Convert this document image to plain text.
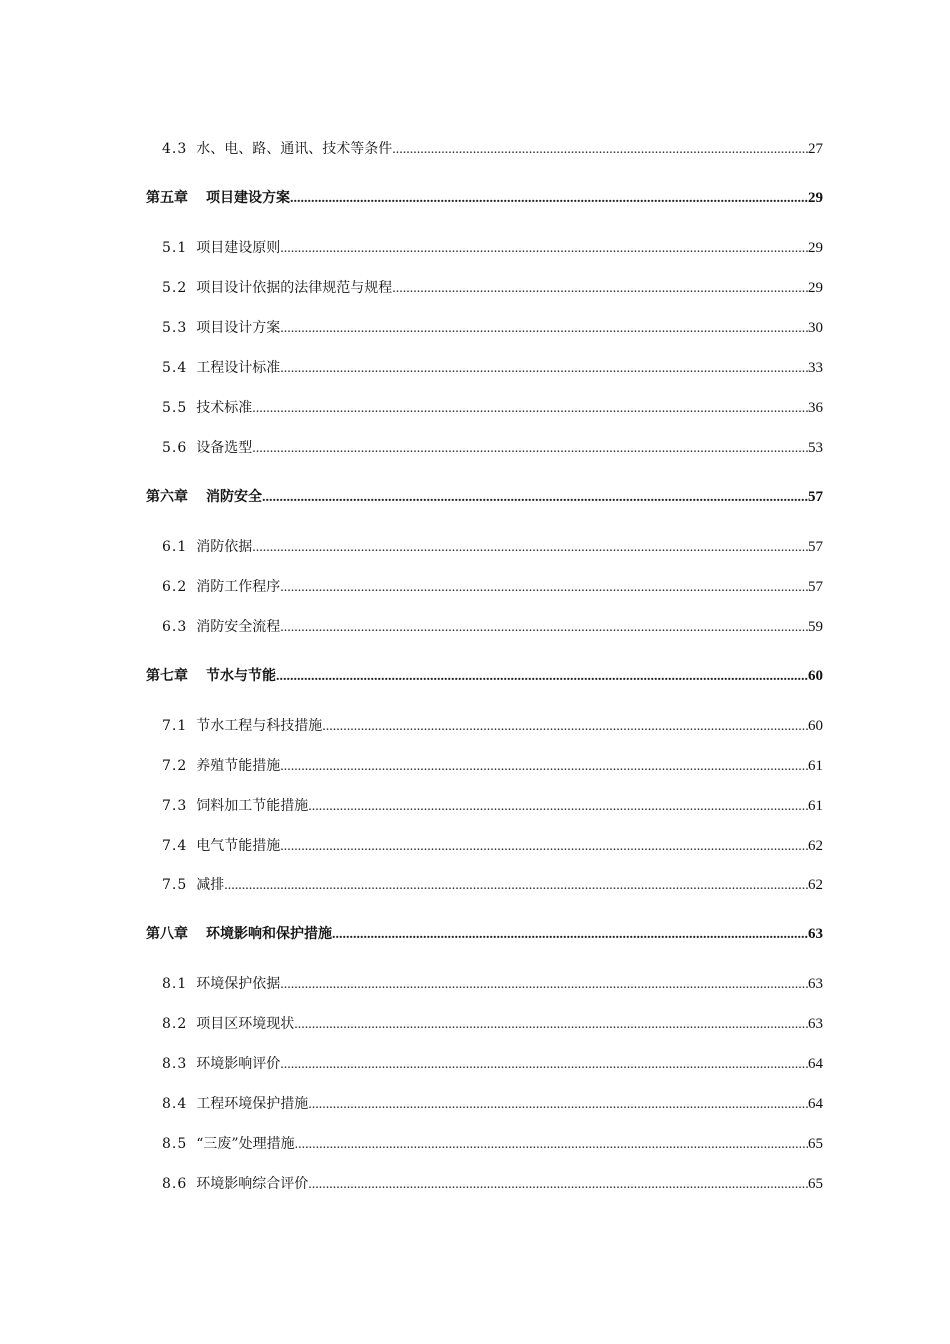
4.3 水、电、路、通讯、技术等条件 .....	27
第五章 项目建设方案 .....	29
5.1 项目建设原则 .....	29
5.2 项目设计依据的法律规范与规程 .....	29
5.3 项目设计方案 .....	30
5.4 工程设计标准 .....	33
5.5 技术标准 .....	36
5.6 设备选型 .....	53
第六章 消防安全 .....	57
6.1 消防依据 .....	57
6.2 消防工作程序 .....	57
6.3 消防安全流程 .....	59
第七章 节水与节能 .....	60
7.1 节水工程与科技措施 .....	60
7.2 养殖节能措施 .....	61
7.3 饲料加工节能措施 .....	61
7.4 电气节能措施 .....	62
7.5 减排 .....	62
第八章 环境影响和保护措施 .....	63
8.1 环境保护依据 .....	63
8.2 项目区环境现状 .....	63
8.3 环境影响评价 .....	64
8.4 工程环境保护措施 .....	64
8.5 “三废”处理措施 .....	65
8.6 环境影响综合评价 .....	65
